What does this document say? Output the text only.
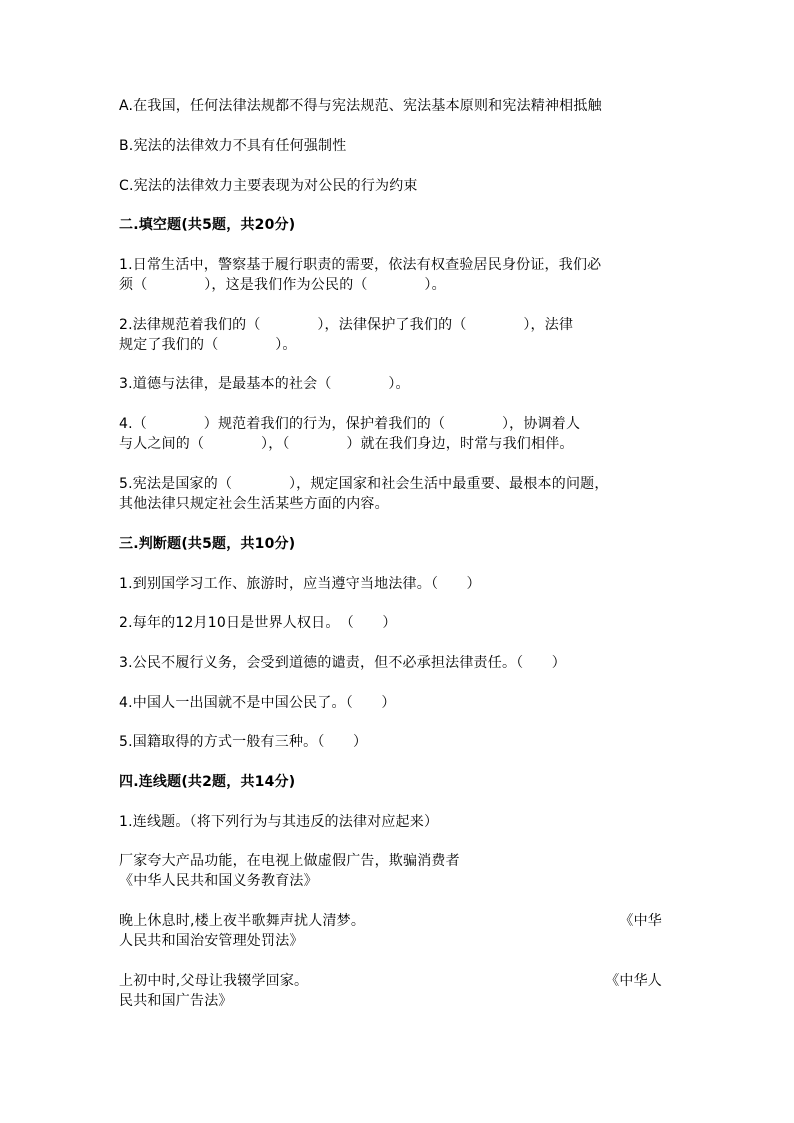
A.在我国，任何法律法规都不得与宪法规范、宪法基本原则和宪法精神相抵触
B.宪法的法律效力不具有任何强制性
C.宪法的法律效力主要表现为对公民的行为约束
二.填空题(共5题，共20分)
1.日常生活中，警察基于履行职责的需要，依法有权查验居民身份证，我们必
须（　　　　），这是我们作为公民的（　　　　）。
2.法律规范着我们的（　　　　），法律保护了我们的（　　　　），法律
规定了我们的（　　　　）。
3.道德与法律，是最基本的社会（　　　　）。
4.（　　　　）规范着我们的行为，保护着我们的（　　　　），协调着人
与人之间的（　　　　），（　　　　）就在我们身边，时常与我们相伴。
5.宪法是国家的（　　　　），规定国家和社会生活中最重要、最根本的问题，
其他法律只规定社会生活某些方面的内容。
三.判断题(共5题，共10分)
1.到别国学习工作、旅游时，应当遵守当地法律。（　　）
2.每年的12月10日是世界人权日。　（　　）
3.公民不履行义务，会受到道德的谴责，但不必承担法律责任。（　　）
4.中国人一出国就不是中国公民了。（　　）
5.国籍取得的方式一般有三种。（　　）
四.连线题(共2题，共14分)
1.连线题。（将下列行为与其违反的法律对应起来）
厂家夸大产品功能，在电视上做虚假广告，欺骗消费者
《中华人民共和国义务教育法》
晚上休息时,楼上夜半歌舞声扰人清梦。	《中华
人民共和国治安管理处罚法》
上初中时,父母让我辍学回家。	《中华人
民共和国广告法》
